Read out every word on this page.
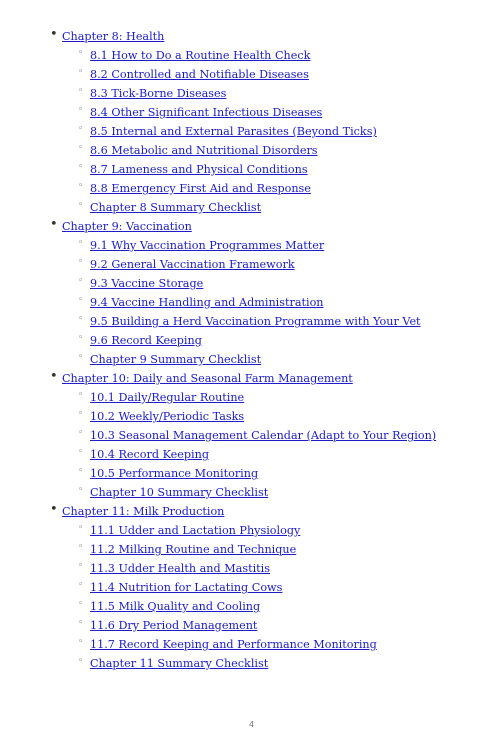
• Chapter 8: Health
◦ 8.1 How to Do a Routine Health Check
◦ 8.2 Controlled and Notifiable Diseases
◦ 8.3 Tick-Borne Diseases
◦ 8.4 Other Significant Infectious Diseases
◦ 8.5 Internal and External Parasites (Beyond Ticks)
◦ 8.6 Metabolic and Nutritional Disorders
◦ 8.7 Lameness and Physical Conditions
◦ 8.8 Emergency First Aid and Response
◦ Chapter 8 Summary Checklist
• Chapter 9: Vaccination
◦ 9.1 Why Vaccination Programmes Matter
◦ 9.2 General Vaccination Framework
◦ 9.3 Vaccine Storage
◦ 9.4 Vaccine Handling and Administration
◦ 9.5 Building a Herd Vaccination Programme with Your Vet
◦ 9.6 Record Keeping
◦ Chapter 9 Summary Checklist
• Chapter 10: Daily and Seasonal Farm Management
◦ 10.1 Daily/Regular Routine
◦ 10.2 Weekly/Periodic Tasks
◦ 10.3 Seasonal Management Calendar (Adapt to Your Region)
◦ 10.4 Record Keeping
◦ 10.5 Performance Monitoring
◦ Chapter 10 Summary Checklist
• Chapter 11: Milk Production
◦ 11.1 Udder and Lactation Physiology
◦ 11.2 Milking Routine and Technique
◦ 11.3 Udder Health and Mastitis
◦ 11.4 Nutrition for Lactating Cows
◦ 11.5 Milk Quality and Cooling
◦ 11.6 Dry Period Management
◦ 11.7 Record Keeping and Performance Monitoring
◦ Chapter 11 Summary Checklist
4
